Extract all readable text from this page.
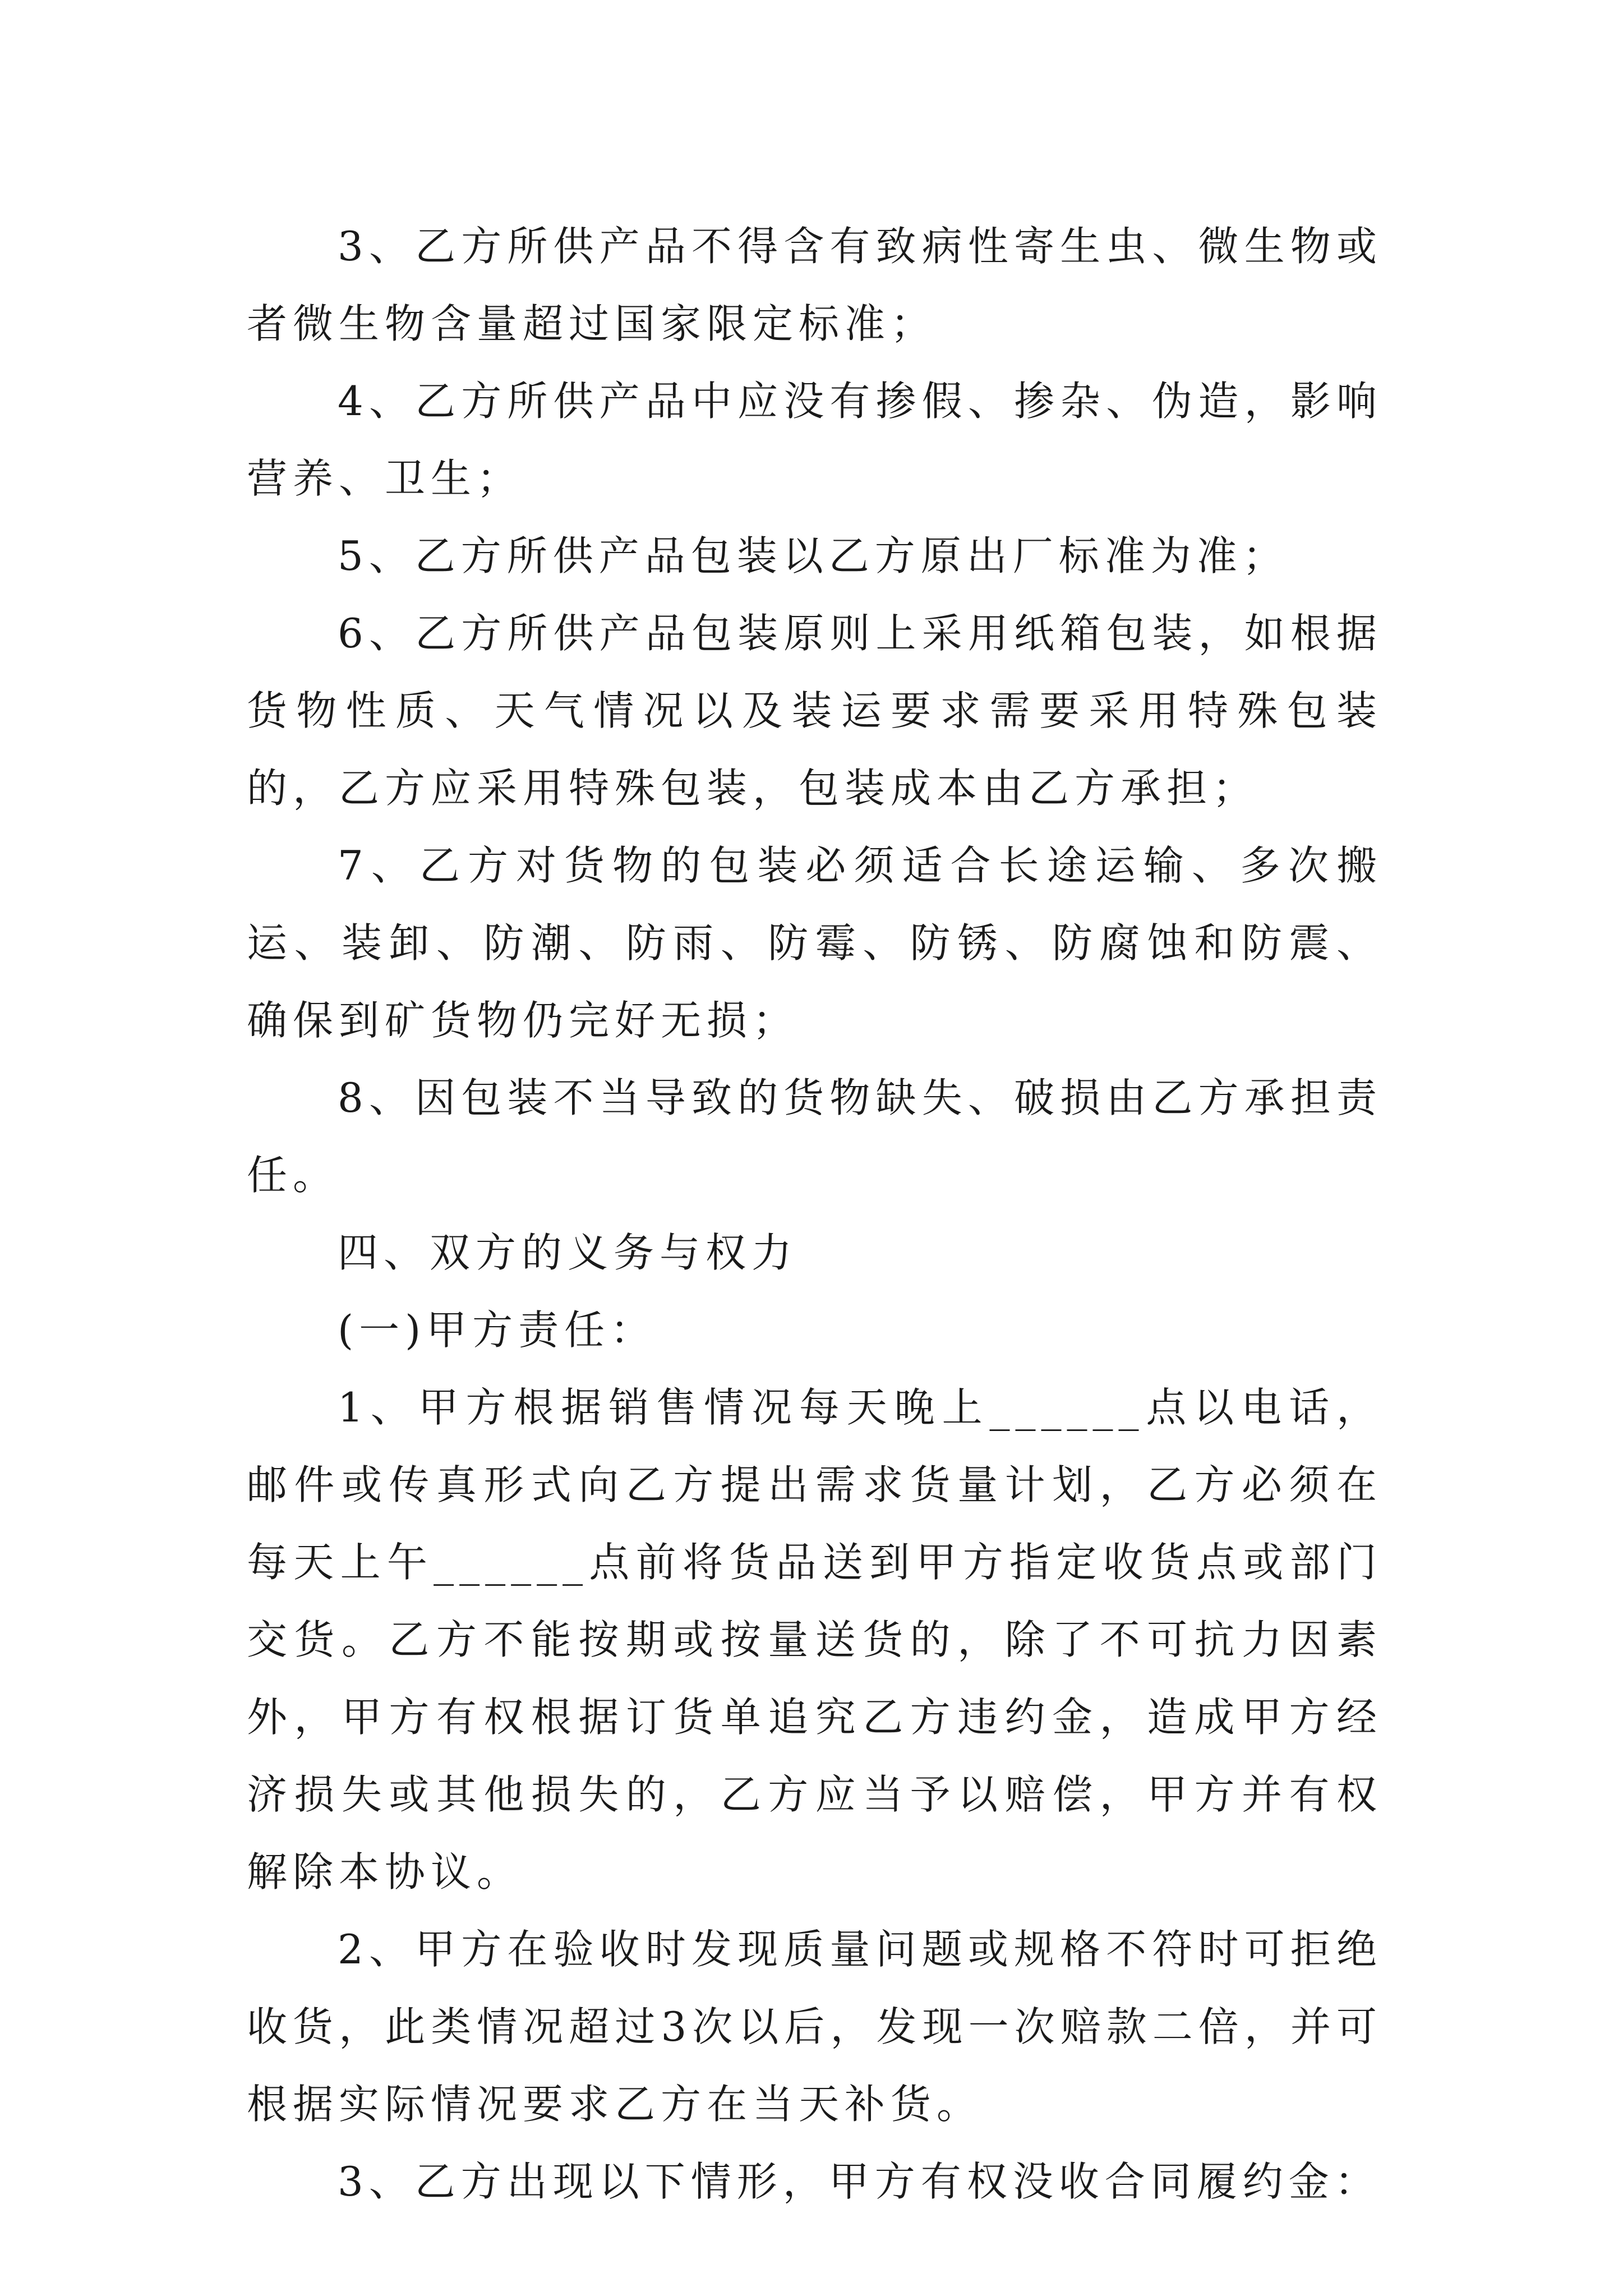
3、乙方所供产品不得含有致病性寄生虫、微生物或者微生物含量超过国家限定标准；

4、乙方所供产品中应没有掺假、掺杂、伪造，影响营养、卫生；

5、乙方所供产品包装以乙方原出厂标准为准；

6、乙方所供产品包装原则上采用纸箱包装，如根据货物性质、天气情况以及装运要求需要采用特殊包装的，乙方应采用特殊包装，包装成本由乙方承担；

7、乙方对货物的包装必须适合长途运输、多次搬运、装卸、防潮、防雨、防霉、防锈、防腐蚀和防震、确保到矿货物仍完好无损；

8、因包装不当导致的货物缺失、破损由乙方承担责任。

四、双方的义务与权力

(一)甲方责任：

1、甲方根据销售情况每天晚上______点以电话，邮件或传真形式向乙方提出需求货量计划，乙方必须在每天上午______点前将货品送到甲方指定收货点或部门交货。乙方不能按期或按量送货的，除了不可抗力因素外，甲方有权根据订货单追究乙方违约金，造成甲方经济损失或其他损失的，乙方应当予以赔偿，甲方并有权解除本协议。

2、甲方在验收时发现质量问题或规格不符时可拒绝收货，此类情况超过3次以后，发现一次赔款二倍，并可根据实际情况要求乙方在当天补货。

3、乙方出现以下情形，甲方有权没收合同履约金：
